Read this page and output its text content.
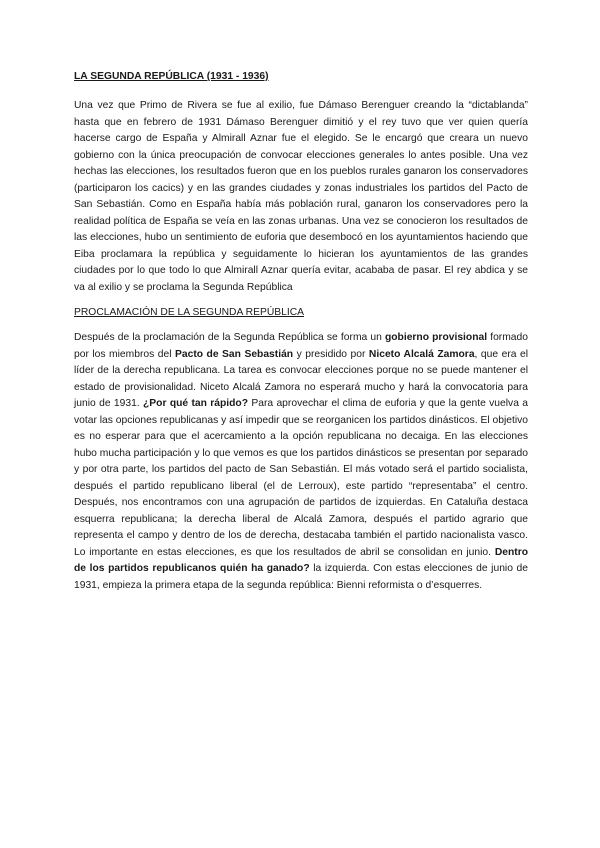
LA SEGUNDA REPÚBLICA (1931 - 1936)

Una vez que Primo de Rivera se fue al exilio, fue Dámaso Berenguer creando la “dictablanda” hasta que en febrero de 1931 Dámaso Berenguer dimitió y el rey tuvo que ver quien quería hacerse cargo de España y Almirall Aznar fue el elegido. Se le encargó que creara un nuevo gobierno con la única preocupación de convocar elecciones generales lo antes posible. Una vez hechas las elecciones, los resultados fueron que en los pueblos rurales ganaron los conservadores (participaron los cacics) y en las grandes ciudades y zonas industriales los partidos del Pacto de San Sebastián. Como en España había más población rural, ganaron los conservadores pero la realidad política de España se veía en las zonas urbanas. Una vez se conocieron los resultados de las elecciones, hubo un sentimiento de euforia que desembocó en los ayuntamientos haciendo que Eiba proclamara la república y seguidamente lo hicieran los ayuntamientos de las grandes ciudades por lo que todo lo que Almirall Aznar quería evitar, acababa de pasar. El rey abdica y se va al exilio y se proclama la Segunda República

PROCLAMACIÓN DE LA SEGUNDA REPÚBLICA

Después de la proclamación de la Segunda República se forma un gobierno provisional formado por los miembros del Pacto de San Sebastián y presidido por Niceto Alcalá Zamora, que era el líder de la derecha republicana. La tarea es convocar elecciones porque no se puede mantener el estado de provisionalidad. Niceto Alcalá Zamora no esperará mucho y hará la convocatoria para junio de 1931. ¿Por qué tan rápido? Para aprovechar el clima de euforia y que la gente vuelva a votar las opciones republicanas y así impedir que se reorganicen los partidos dinásticos. El objetivo es no esperar para que el acercamiento a la opción republicana no decaiga. En las elecciones hubo mucha participación y lo que vemos es que los partidos dinásticos se presentan por separado y por otra parte, los partidos del pacto de San Sebastián. El más votado será el partido socialista, después el partido republicano liberal (el de Lerroux), este partido “representaba” el centro. Después, nos encontramos con una agrupación de partidos de izquierdas. En Cataluña destaca esquerra republicana; la derecha liberal de Alcalá Zamora, después el partido agrario que representa el campo y dentro de los de derecha, destacaba también el partido nacionalista vasco. Lo importante en estas elecciones, es que los resultados de abril se consolidan en junio. Dentro de los partidos republicanos quién ha ganado? la izquierda. Con estas elecciones de junio de 1931, empieza la primera etapa de la segunda república: Bienni reformista o d’esquerres.
